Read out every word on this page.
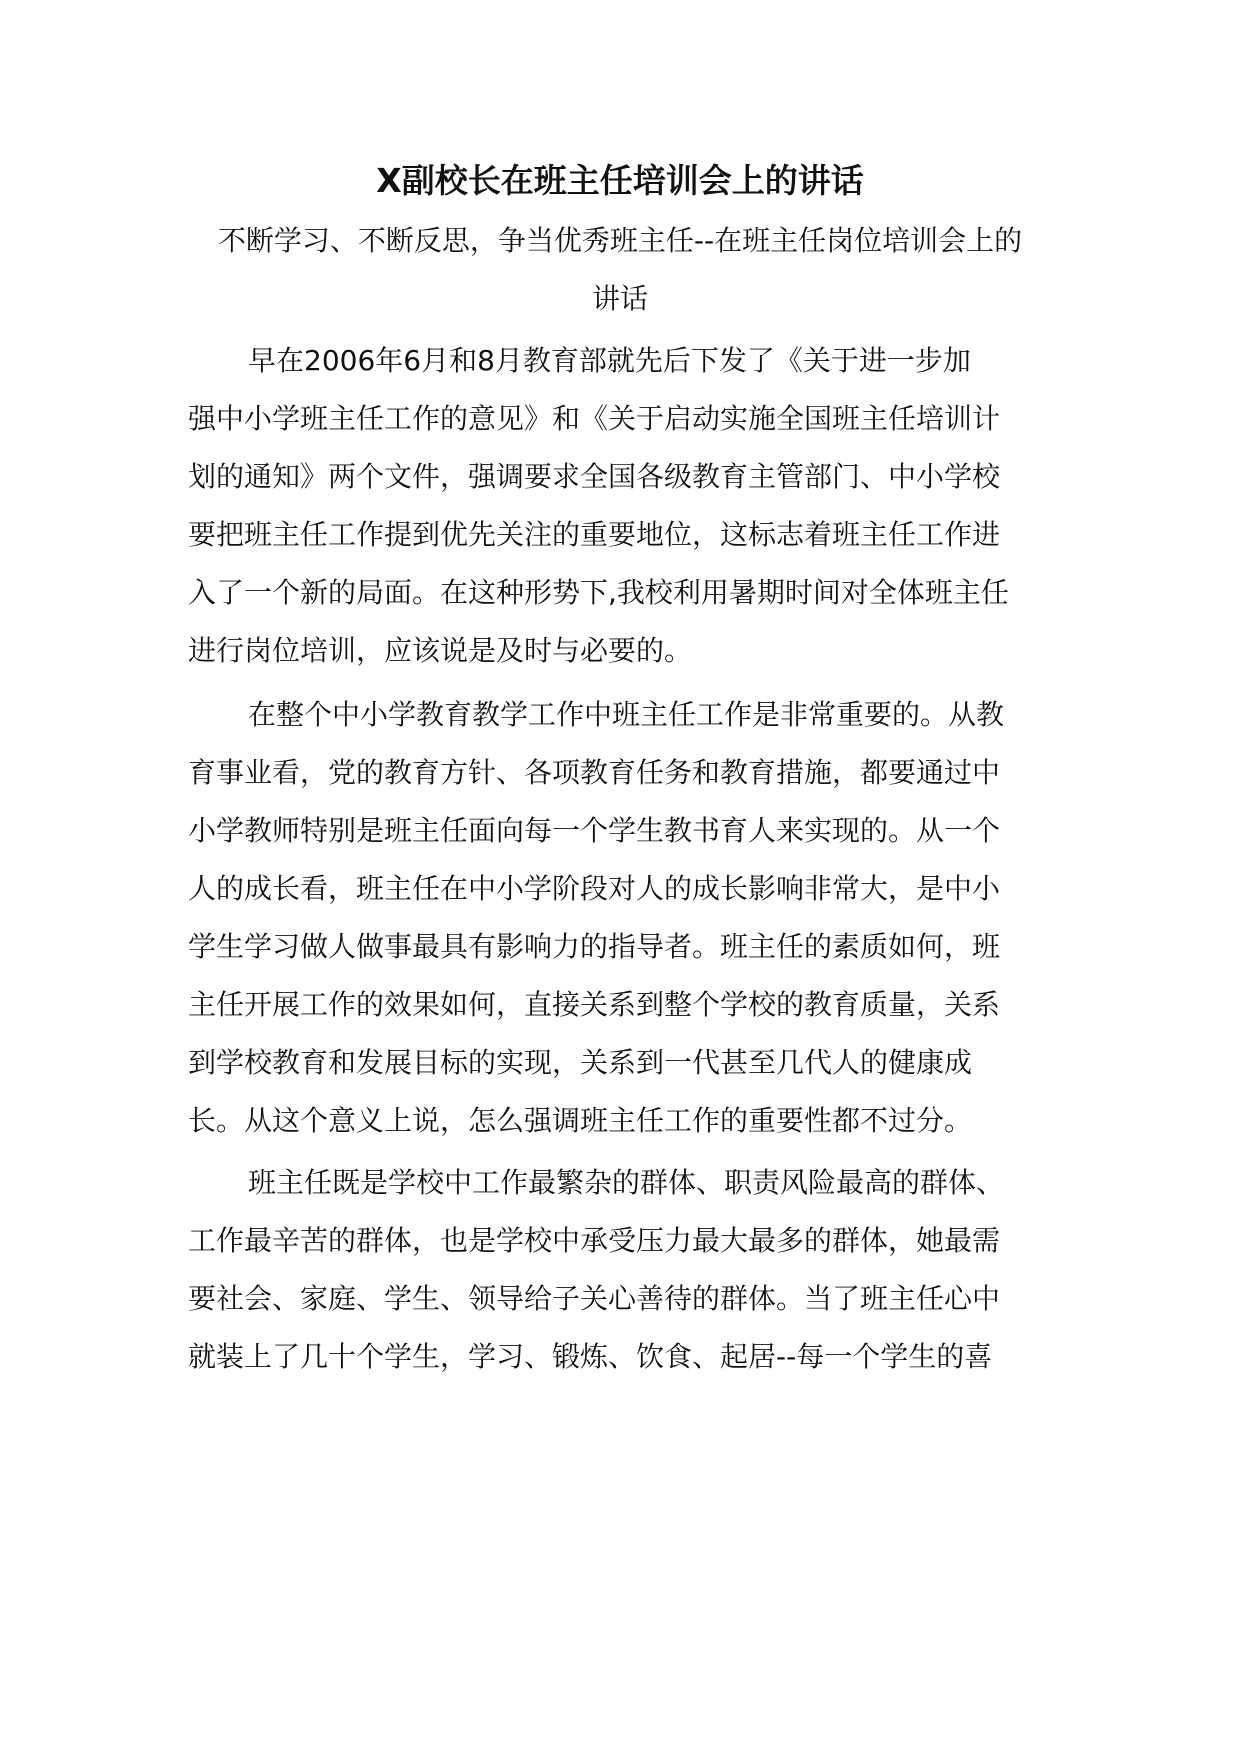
X副校长在班主任培训会上的讲话
不断学习、不断反思，争当优秀班主任--在班主任岗位培训会上的
讲话
早在2006年6月和8月教育部就先后下发了《关于进一步加
强中小学班主任工作的意见》和《关于启动实施全国班主任培训计
划的通知》两个文件，强调要求全国各级教育主管部门、中小学校
要把班主任工作提到优先关注的重要地位，这标志着班主任工作进
入了一个新的局面。在这种形势下,我校利用暑期时间对全体班主任
进行岗位培训，应该说是及时与必要的。
在整个中小学教育教学工作中班主任工作是非常重要的。从教
育事业看，党的教育方针、各项教育任务和教育措施，都要通过中
小学教师特别是班主任面向每一个学生教书育人来实现的。从一个
人的成长看，班主任在中小学阶段对人的成长影响非常大，是中小
学生学习做人做事最具有影响力的指导者。班主任的素质如何，班
主任开展工作的效果如何，直接关系到整个学校的教育质量，关系
到学校教育和发展目标的实现，关系到一代甚至几代人的健康成
长。从这个意义上说，怎么强调班主任工作的重要性都不过分。
班主任既是学校中工作最繁杂的群体、职责风险最高的群体、
工作最辛苦的群体，也是学校中承受压力最大最多的群体，她最需
要社会、家庭、学生、领导给子关心善待的群体。当了班主任心中
就装上了几十个学生，学习、锻炼、饮食、起居--每一个学生的喜
